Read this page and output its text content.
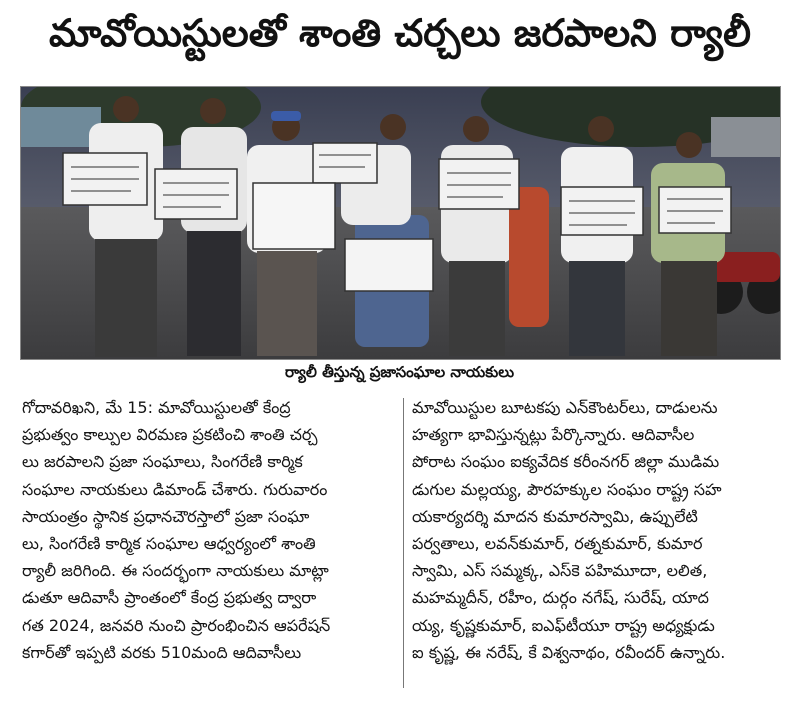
మావోయిస్టులతో శాంతి చర్చలు జరపాలని ర్యాలీ
ర్యాలీ తీస్తున్న ప్రజాసంఘాల నాయకులు
గోదావరిఖని, మే 15: మావోయిస్టులతో కేంద్ర
ప్రభుత్వం కాల్పుల విరమణ ప్రకటించి శాంతి చర్చ
లు జరపాలని ప్రజా సంఘాలు, సింగరేణి కార్మిక
సంఘాల నాయకులు డిమాండ్ చేశారు. గురువారం
సాయంత్రం స్థానిక ప్రధానచౌరస్తాలో ప్రజా సంఘా
లు, సింగరేణి కార్మిక సంఘాల ఆధ్వర్యంలో శాంతి
ర్యాలీ జరిగింది. ఈ సందర్భంగా నాయకులు మాట్లా
డుతూ ఆదివాసీ ప్రాంతంలో కేంద్ర ప్రభుత్వ ద్వారా
గత 2024, జనవరి నుంచి ప్రారంభించిన ఆపరేషన్
కగార్‌తో ఇప్పటి వరకు 510మంది ఆదివాసీలు
మావోయిస్టుల బూటకపు ఎన్‌కౌంటర్‌లు, దాడులను
హత్యగా భావిస్తున్నట్లు పేర్కొన్నారు. ఆదివాసీల
పోరాట సంఘం ఐక్యవేదిక కరీంనగర్ జిల్లా ముడిమ
డుగుల మల్లయ్య, పౌరహక్కుల సంఘం రాష్ట్ర సహ
యకార్యదర్శి మాదన కుమారస్వామి, ఉప్పులేటి
పర్వతాలు, లవన్‌కుమార్, రత్నకుమార్, కుమార
స్వామి, ఎస్ సమ్మక్క, ఎస్‌కె పహిమూదా, లలిత,
మహమ్మదీన్, రహీం, దుర్గం నగేష్, సురేష్, యాద
య్య, కృష్ణకుమార్, ఐఎఫ్‌టీయూ రాష్ట్ర అధ్యక్షుడు
ఐ కృష్ణ, ఈ నరేష్, కే విశ్వనాథం, రవీందర్ ఉన్నారు.
